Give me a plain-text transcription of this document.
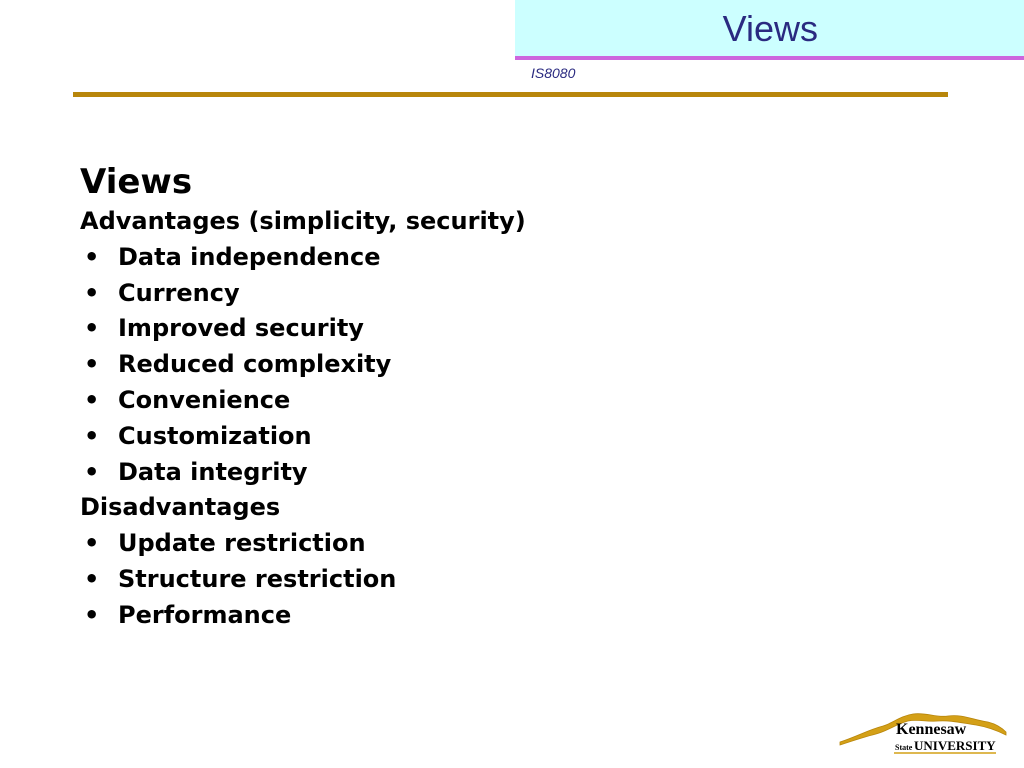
Views
IS8080
Views
Advantages (simplicity, security)
• Data independence
• Currency
• Improved security
• Reduced complexity
• Convenience
• Customization
• Data integrity
Disadvantages
• Update restriction
• Structure restriction
• Performance
Kennesaw
State UNIVERSITY
